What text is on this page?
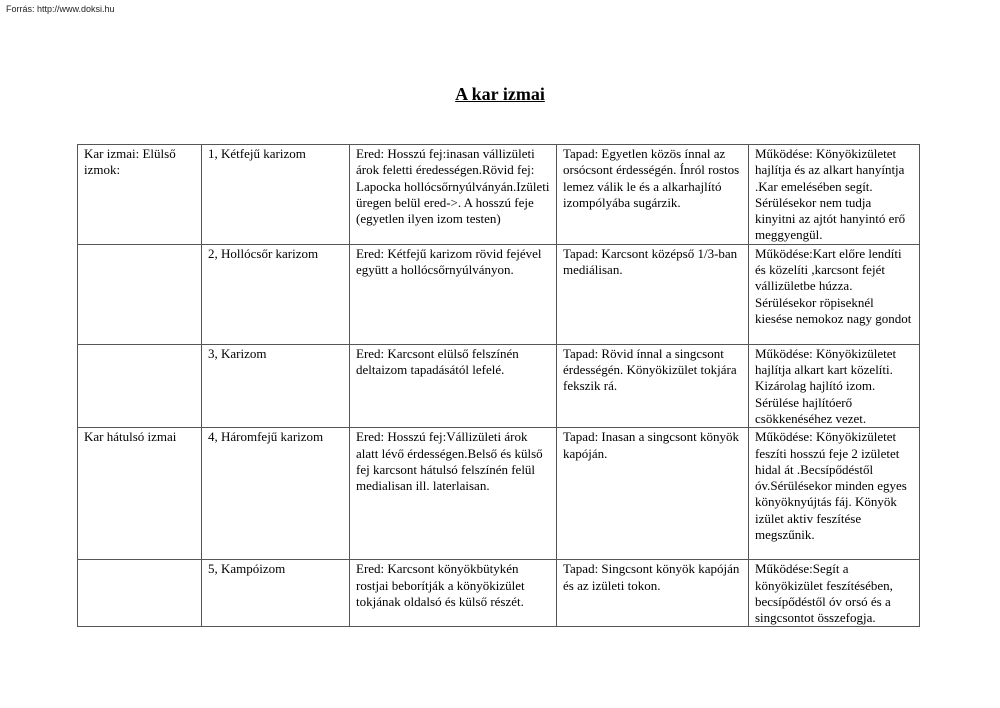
Forrás: http://www.doksi.hu
A kar izmai
Kar izmai: Elülső izmok:	1, Kétfejű karizom	Ered: Hosszú fej:inasan vállizületi árok feletti éredességen.Rövid fej: Lapocka hollócsőrnyúlványán.Izületi üregen belül ered->. A hosszú feje (egyetlen ilyen izom testen)	Tapad: Egyetlen közös ínnal az orsócsont érdességén. Ínról rostos lemez válik le és a alkarhajlító izompólyába sugárzik.	Működése: Könyökizületet hajlítja és az alkart hanyíntja .Kar emelésében segít. Sérülésekor nem tudja kinyitni az ajtót hanyintó erő meggyengül.
	2, Hollócsőr karizom	Ered: Kétfejű karizom rövid fejével együtt a hollócsőrnyúlványon.	Tapad: Karcsont középső 1/3-ban mediálisan.	Működése:Kart előre lendíti és közelíti ,karcsont fejét vállizületbe húzza. Sérülésekor röpiseknél kiesése nemokoz nagy gondot
	3, Karizom	Ered: Karcsont elülső felszínén deltaizom tapadásától lefelé.	Tapad: Rövid ínnal a singcsont érdességén. Könyökizület tokjára fekszik rá.	Működése: Könyökizületet hajlítja alkart kart közelíti. Kizárolag hajlító izom. Sérülése hajlítóerő csökkenéséhez vezet.
Kar hátulsó izmai	4, Háromfejű karizom	Ered: Hosszú fej:Vállizületi árok alatt lévő érdességen.Belső és külső fej karcsont hátulsó felszínén felül medialisan ill. laterlaisan.	Tapad: Inasan a singcsont könyök kapóján.	Működése: Könyökizületet feszíti hosszú feje 2 izületet hidal át .Becsípődéstől óv.Sérülésekor minden egyes könyöknyújtás fáj. Könyök izület aktiv feszítése megszűnik.
	5, Kampóizom	Ered: Karcsont könyökbütykén rostjai beborítják a könyökizület tokjának oldalsó és külső részét.	Tapad: Singcsont könyök kapóján és az izületi tokon.	Működése:Segít a könyökizület feszítésében, becsípődéstől óv orsó és a singcsontot összefogja.
